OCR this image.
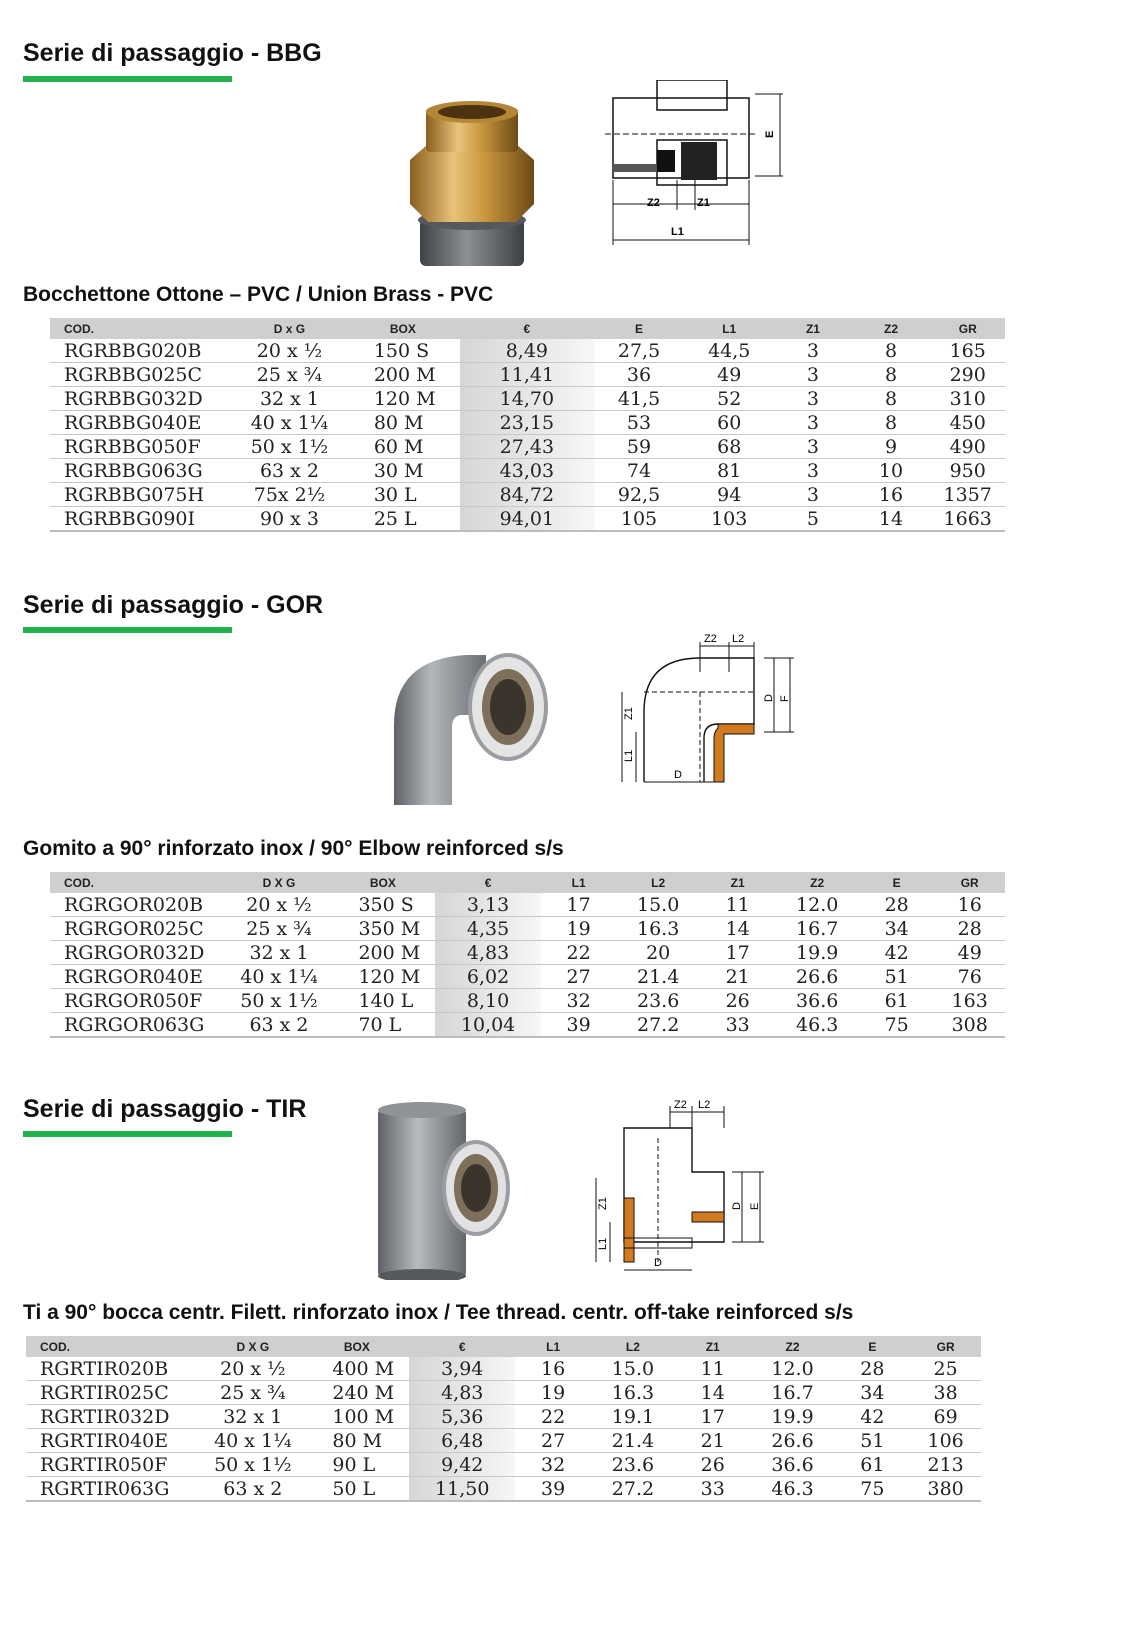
Serie di passaggio - BBG
E
Z2	Z1
L1
Bocchettone Ottone – PVC / Union Brass - PVC
COD.	D x G	BOX	€	E	L1	Z1	Z2	GR
RGRBBG020B	20 x ½	150 S	8,49	27,5	44,5	3	8	165
RGRBBG025C	25 x ¾	200 M	11,41	36	49	3	8	290
RGRBBG032D	32 x 1	120 M	14,70	41,5	52	3	8	310
RGRBBG040E	40 x 1¼	80 M	23,15	53	60	3	8	450
RGRBBG050F	50 x 1½	60 M	27,43	59	68	3	9	490
RGRBBG063G	63 x 2	30 M	43,03	74	81	3	10	950
RGRBBG075H	75x 2½	30 L	84,72	92,5	94	3	16	1357
RGRBBG090I	90 x 3	25 L	94,01	105	103	5	14	1663
Serie di passaggio - GOR
Z2 L2
Z1
L1
D F
D
Gomito a 90° rinforzato inox / 90° Elbow reinforced s/s
COD.	D X G	BOX	€	L1	L2	Z1	Z2	E	GR
RGRGOR020B	20 x ½	350 S	3,13	17	15.0	11	12.0	28	16
RGRGOR025C	25 x ¾	350 M	4,35	19	16.3	14	16.7	34	28
RGRGOR032D	32 x 1	200 M	4,83	22	20	17	19.9	42	49
RGRGOR040E	40 x 1¼	120 M	6,02	27	21.4	21	26.6	51	76
RGRGOR050F	50 x 1½	140 L	8,10	32	23.6	26	36.6	61	163
RGRGOR063G	63 x 2	70 L	10,04	39	27.2	33	46.3	75	308
Serie di passaggio - TIR	Z2 L2
Z1
L1
D E
D
Ti a 90° bocca centr. Filett. rinforzato inox / Tee thread. centr. off-take reinforced s/s
COD.	D X G	BOX	€	L1	L2	Z1	Z2	E	GR
RGRTIR020B	20 x ½	400 M	3,94	16	15.0	11	12.0	28	25
RGRTIR025C	25 x ¾	240 M	4,83	19	16.3	14	16.7	34	38
RGRTIR032D	32 x 1	100 M	5,36	22	19.1	17	19.9	42	69
RGRTIR040E	40 x 1¼	80 M	6,48	27	21.4	21	26.6	51	106
RGRTIR050F	50 x 1½	90 L	9,42	32	23.6	26	36.6	61	213
RGRTIR063G	63 x 2	50 L	11,50	39	27.2	33	46.3	75	380
